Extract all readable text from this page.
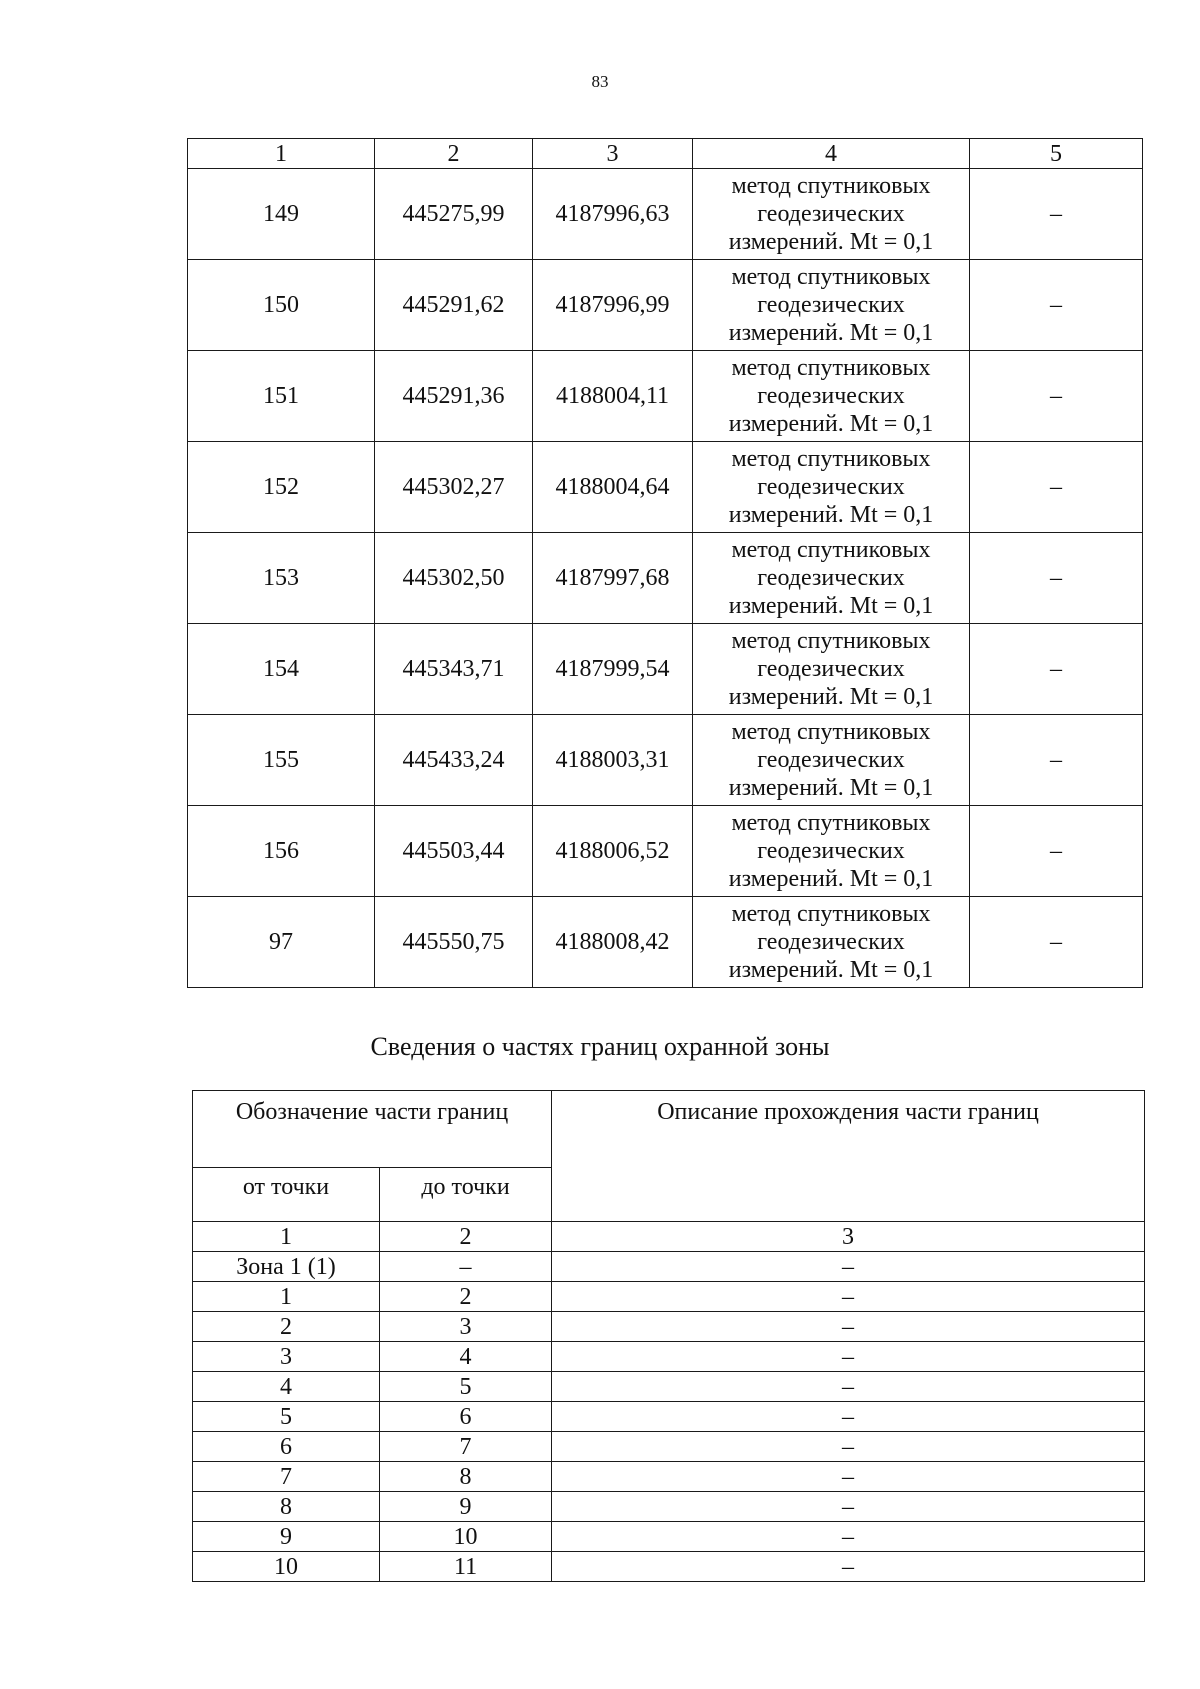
83
1	2	3	4	5
149	445275,99	4187996,63	метод спутниковых
геодезических
измерений. Mt = 0,1	–
150	445291,62	4187996,99	метод спутниковых
геодезических
измерений. Mt = 0,1	–
151	445291,36	4188004,11	метод спутниковых
геодезических
измерений. Mt = 0,1	–
152	445302,27	4188004,64	метод спутниковых
геодезических
измерений. Mt = 0,1	–
153	445302,50	4187997,68	метод спутниковых
геодезических
измерений. Mt = 0,1	–
154	445343,71	4187999,54	метод спутниковых
геодезических
измерений. Mt = 0,1	–
155	445433,24	4188003,31	метод спутниковых
геодезических
измерений. Mt = 0,1	–
156	445503,44	4188006,52	метод спутниковых
геодезических
измерений. Mt = 0,1	–
97	445550,75	4188008,42	метод спутниковых
геодезических
измерений. Mt = 0,1	–
Сведения о частях границ охранной зоны
Обозначение части границ		Описание прохождения части границ
от точки	до точки	
1	2	3
Зона 1 (1)	–	–
1	2	–
2	3	–
3	4	–
4	5	–
5	6	–
6	7	–
7	8	–
8	9	–
9	10	–
10	11	–
